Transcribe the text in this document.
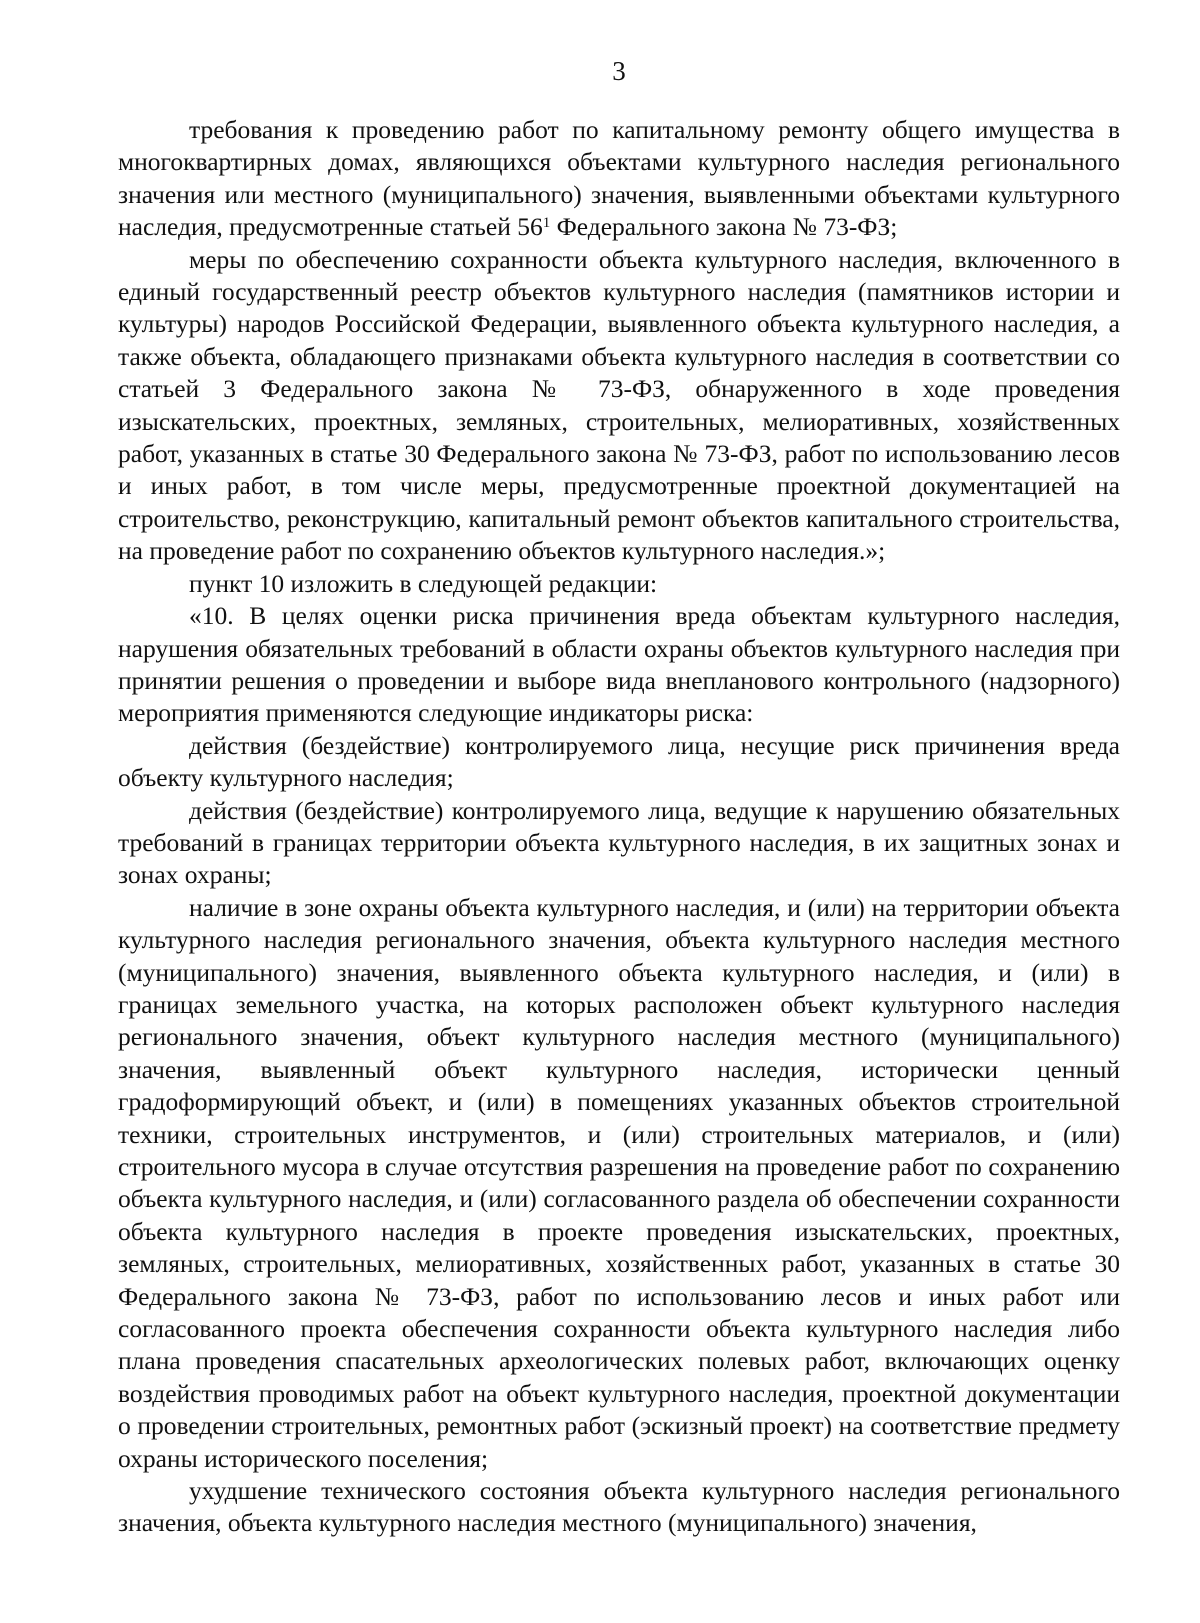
3

требования к проведению работ по капитальному ремонту общего имущества в многоквартирных домах, являющихся объектами культурного наследия регионального значения или местного (муниципального) значения, выявленными объектами культурного наследия, предусмотренные статьей $56^1$ Федерального закона № 73-ФЗ;

меры по обеспечению сохранности объекта культурного наследия, включенного в единый государственный реестр объектов культурного наследия (памятников истории и культуры) народов Российской Федерации, выявленного объекта культурного наследия, а также объекта, обладающего признаками объекта культурного наследия в соответствии со статьей 3 Федерального закона № 73-ФЗ, обнаруженного в ходе проведения изыскательских, проектных, земляных, строительных, мелиоративных, хозяйственных работ, указанных в статье 30 Федерального закона № 73-ФЗ, работ по использованию лесов и иных работ, в том числе меры, предусмотренные проектной документацией на строительство, реконструкцию, капитальный ремонт объектов капитального строительства, на проведение работ по сохранению объектов культурного наследия.»;

пункт 10 изложить в следующей редакции:

«10. В целях оценки риска причинения вреда объектам культурного наследия, нарушения обязательных требований в области охраны объектов культурного наследия при принятии решения о проведении и выборе вида внепланового контрольного (надзорного) мероприятия применяются следующие индикаторы риска:

действия (бездействие) контролируемого лица, несущие риск причинения вреда объекту культурного наследия;

действия (бездействие) контролируемого лица, ведущие к нарушению обязательных требований в границах территории объекта культурного наследия, в их защитных зонах и зонах охраны;

наличие в зоне охраны объекта культурного наследия, и (или) на территории объекта культурного наследия регионального значения, объекта культурного наследия местного (муниципального) значения, выявленного объекта культурного наследия, и (или) в границах земельного участка, на которых расположен объект культурного наследия регионального значения, объект культурного наследия местного (муниципального) значения, выявленный объект культурного наследия, исторически ценный градоформирующий объект, и (или) в помещениях указанных объектов строительной техники, строительных инструментов, и (или) строительных материалов, и (или) строительного мусора в случае отсутствия разрешения на проведение работ по сохранению объекта культурного наследия, и (или) согласованного раздела об обеспечении сохранности объекта культурного наследия в проекте проведения изыскательских, проектных, земляных, строительных, мелиоративных, хозяйственных работ, указанных в статье 30 Федерального закона № 73-ФЗ, работ по использованию лесов и иных работ или согласованного проекта обеспечения сохранности объекта культурного наследия либо плана проведения спасательных археологических полевых работ, включающих оценку воздействия проводимых работ на объект культурного наследия, проектной документации о проведении строительных, ремонтных работ (эскизный проект) на соответствие предмету охраны исторического поселения;

ухудшение технического состояния объекта культурного наследия регионального значения, объекта культурного наследия местного (муниципального) значения,
